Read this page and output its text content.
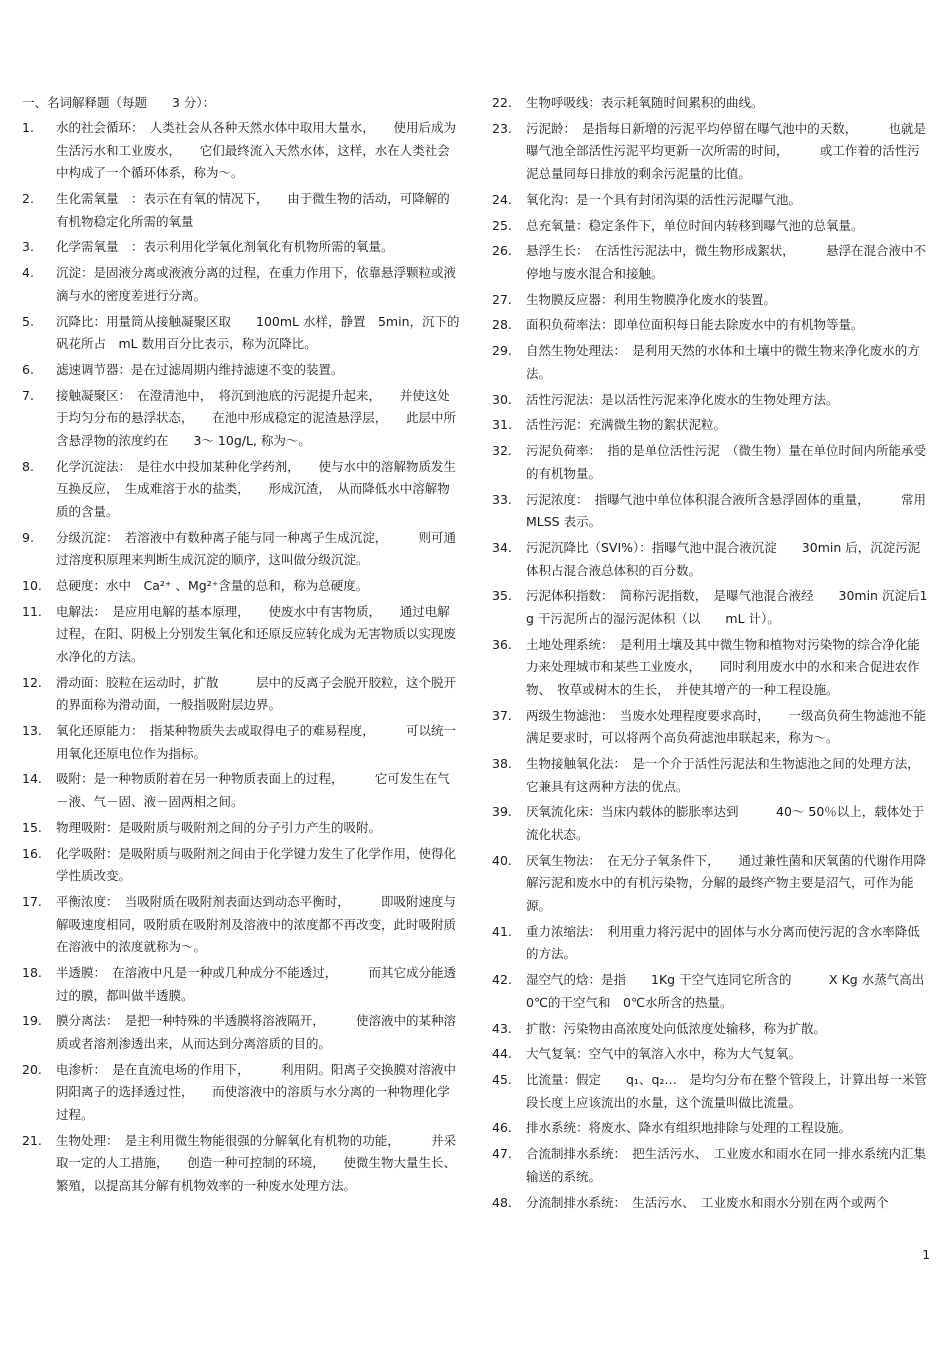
一、名词解释题（每题　　3 分）：
1. 水的社会循环：　人类社会从各种天然水体中取用大量水，　　使用后成为生活污水和工业废水，　　它们最终流入天然水体，这样，水在人类社会中构成了一个循环体系，称为～。
2. 生化需氧量　：表示在有氧的情况下，　　由于微生物的活动，可降解的有机物稳定化所需的氧量
3. 化学需氧量　：表示利用化学氧化剂氧化有机物所需的氧量。
4. 沉淀：是固液分离或液液分离的过程，在重力作用下，依靠悬浮颗粒或液滴与水的密度差进行分离。
5. 沉降比：用量筒从接触凝聚区取　　100mL 水样，静置　5min，沉下的矾花所占　mL 数用百分比表示，称为沉降比。
6. 滤速调节器：是在过滤周期内维持滤速不变的装置。
7. 接触凝聚区：　在澄清池中，　将沉到池底的污泥提升起来，　　并使这处于均匀分布的悬浮状态，　　在池中形成稳定的泥渣悬浮层，　　此层中所含悬浮物的浓度约在　　3～ 10g/L, 称为～。
8. 化学沉淀法：　是往水中投加某种化学药剂，　　使与水中的溶解物质发生互换反应，　生成难溶于水的盐类，　　形成沉渣，　从而降低水中溶解物质的含量。
9. 分级沉淀：　若溶液中有数种离子能与同一种离子生成沉淀，　　　则可通过溶度积原理来判断生成沉淀的顺序，这叫做分级沉淀。
10. 总硬度：水中　Ca²⁺ 、Mg²⁺含量的总和，称为总硬度。
11. 电解法：　是应用电解的基本原理，　　使废水中有害物质，　　通过电解过程，在阳、阴极上分别发生氧化和还原反应转化成为无害物质以实现废水净化的方法。
12. 滑动面：胶粒在运动时，扩散　　　层中的反离子会脱开胶粒，这个脱开的界面称为滑动面，一般指吸附层边界。
13. 氧化还原能力：　指某种物质失去或取得电子的难易程度，　　　可以统一用氧化还原电位作为指标。
14. 吸附：是一种物质附着在另一种物质表面上的过程，　　　它可发生在气－液、气－固、液－固两相之间。
15. 物理吸附：是吸附质与吸附剂之间的分子引力产生的吸附。
16. 化学吸附：是吸附质与吸附剂之间由于化学键力发生了化学作用，使得化学性质改变。
17. 平衡浓度：　当吸附质在吸附剂表面达到动态平衡时，　　　即吸附速度与解吸速度相同，吸附质在吸附剂及溶液中的浓度都不再改变，此时吸附质在溶液中的浓度就称为～。
18. 半透膜：　在溶液中凡是一种或几种成分不能透过，　　　而其它成分能透过的膜，都叫做半透膜。
19. 膜分离法：　是把一种特殊的半透膜将溶液隔开，　　　使溶液中的某种溶质或者溶剂渗透出来，从而达到分离溶质的目的。
20. 电渗析：　是在直流电场的作用下，　　　利用阴。阳离子交换膜对溶液中阴阳离子的选择透过性，　　而使溶液中的溶质与水分离的一种物理化学过程。
21. 生物处理：　是主利用微生物能很强的分解氧化有机物的功能，　　　并采取一定的人工措施，　　创造一种可控制的环境，　　使微生物大量生长、繁殖，以提高其分解有机物效率的一种废水处理方法。
22. 生物呼吸线：表示耗氧随时间累积的曲线。
23. 污泥龄：　是指每日新增的污泥平均停留在曝气池中的天数，　　　也就是曝气池全部活性污泥平均更新一次所需的时间，　　　或工作着的活性污泥总量同每日排放的剩余污泥量的比值。
24. 氧化沟：是一个具有封闭沟渠的活性污泥曝气池。
25. 总充氧量：稳定条件下，单位时间内转移到曝气池的总氧量。
26. 悬浮生长：　在活性污泥法中，微生物形成絮状，　　　悬浮在混合液中不停地与废水混合和接触。
27. 生物膜反应器：利用生物膜净化废水的装置。
28. 面积负荷率法：即单位面积每日能去除废水中的有机物等量。
29. 自然生物处理法：　是利用天然的水体和土壤中的微生物来净化废水的方法。
30. 活性污泥法：是以活性污泥来净化废水的生物处理方法。
31. 活性污泥：充满微生物的絮状泥粒。
32. 污泥负荷率：　指的是单位活性污泥　（微生物）量在单位时间内所能承受的有机物量。
33. 污泥浓度：　指曝气池中单位体积混合液所含悬浮固体的重量，　　　常用 MLSS 表示。
34. 污泥沉降比（SVI%）：指曝气池中混合液沉淀　　30min 后，沉淀污泥体积占混合液总体积的百分数。
35. 污泥体积指数：　简称污泥指数，　是曝气池混合液经　　30min 沉淀后1g 干污泥所占的湿污泥体积（以　　mL 计）。
36. 土地处理系统：　是利用土壤及其中微生物和植物对污染物的综合净化能力来处理城市和某些工业废水，　　同时利用废水中的水和来合促进农作物、　牧草或树木的生长，　并使其增产的一种工程设施。
37. 两级生物滤池：　当废水处理程度要求高时，　　一级高负荷生物滤池不能满足要求时，可以将两个高负荷滤池串联起来，称为～。
38. 生物接触氧化法：　是一个介于活性污泥法和生物滤池之间的处理方法，它兼具有这两种方法的优点。
39. 厌氧流化床：当床内载体的膨胀率达到　　　40～ 50％以上，载体处于流化状态。
40. 厌氧生物法：　在无分子氧条件下，　　通过兼性菌和厌氧菌的代谢作用降解污泥和废水中的有机污染物，分解的最终产物主要是沼气，可作为能源。
41. 重力浓缩法：　利用重力将污泥中的固体与水分离而使污泥的含水率降低的方法。
42. 湿空气的焓：是指　　1Kg 干空气连同它所含的　　　X Kg 水蒸气高出　0℃的干空气和　0℃水所含的热量。
43. 扩散：污染物由高浓度处向低浓度处输移，称为扩散。
44. 大气复氧：空气中的氧溶入水中，称为大气复氧。
45. 比流量：假定　　q₁、q₂…　是均匀分布在整个管段上，计算出每一米管段长度上应该流出的水量，这个流量叫做比流量。
46. 排水系统：将废水、降水有组织地排除与处理的工程设施。
47. 合流制排水系统：　把生活污水、　工业废水和雨水在同一排水系统内汇集输送的系统。
48. 分流制排水系统：　生活污水、　工业废水和雨水分别在两个或两个
1
